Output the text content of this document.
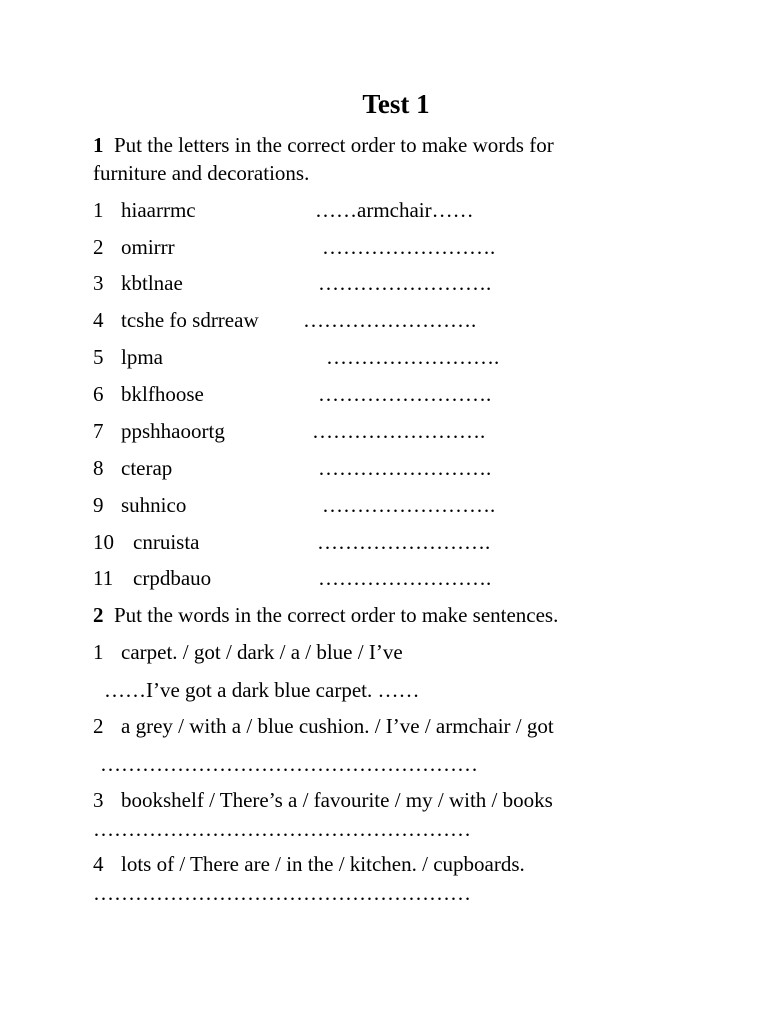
Test 1
1 Put the letters in the correct order to make words for
furniture and decorations.
1 hiaarrmc	……armchair……
2 omirrr	…………………….
3 kbtlnae	…………………….
4 tcshe fo sdrreaw …………………….
5 lpma	…………………….
6 bklfhoose	…………………….
7 ppshhaoortg	…………………….
8 cterap	…………………….
9 suhnico	…………………….
10 cnruista	…………………….
11 crpdbauo	…………………….
2 Put the words in the correct order to make sentences.
1 carpet. / got / dark / a / blue / I’ve
……I’ve got a dark blue carpet. ……
2 a grey / with a / blue cushion. / I’ve / armchair / got
………………………………………………
3 bookshelf / There’s a / favourite / my / with / books
………………………………………………
4 lots of / There are / in the / kitchen. / cupboards.
………………………………………………
